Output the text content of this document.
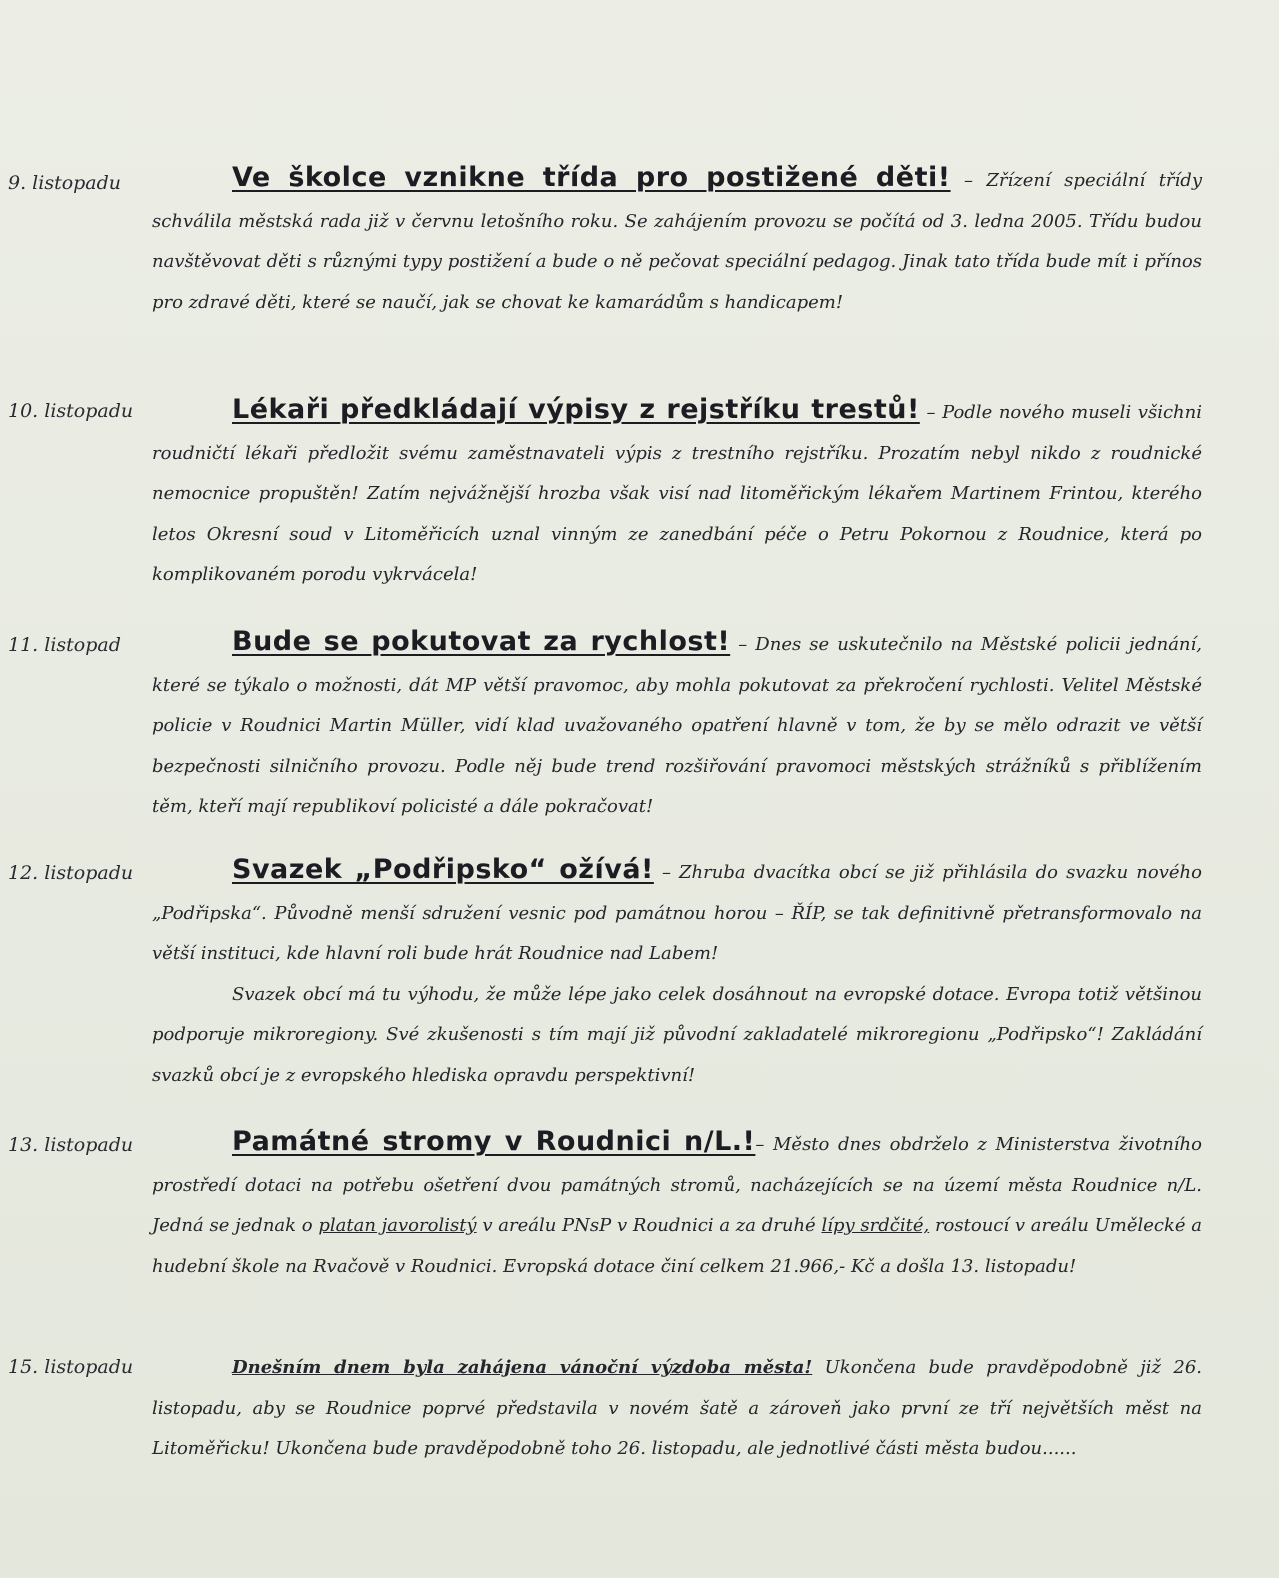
9. listopadu	Ve školce vznikne třída pro postižené děti! – Zřízení speciální třídy schválila městská rada již v červnu letošního roku. Se zahájením provozu se počítá od 3. ledna 2005. Třídu budou navštěvovat děti s různými typy postižení a bude o ně pečovat speciální pedagog. Jinak tato třída bude mít i přínos pro zdravé děti, které se naučí, jak se chovat ke kamarádům s handicapem!
10. listopadu	Lékaři předkládají výpisy z rejstříku trestů! – Podle nového museli všichni roudničtí lékaři předložit svému zaměstnavateli výpis z trestního rejstříku. Prozatím nebyl nikdo z roudnické nemocnice propuštěn! Zatím nejvážnější hrozba však visí nad litoměřickým lékařem Martinem Frintou, kterého letos Okresní soud v Litoměřicích uznal vinným ze zanedbání péče o Petru Pokornou z Roudnice, která po komplikovaném porodu vykrvácela!
11. listopad	Bude se pokutovat za rychlost! – Dnes se uskutečnilo na Městské policii jednání, které se týkalo o možnosti, dát MP větší pravomoc, aby mohla pokutovat za překročení rychlosti. Velitel Městské policie v Roudnici Martin Müller, vidí klad uvažovaného opatření hlavně v tom, že by se mělo odrazit ve větší bezpečnosti silničního provozu. Podle něj bude trend rozšiřování pravomoci městských strážníků s přiblížením těm, kteří mají republikoví policisté a dále pokračovat!
12. listopadu	Svazek „Podřipsko“ ožívá! – Zhruba dvacítka obcí se již přihlásila do svazku nového „Podřipska“. Původně menší sdružení vesnic pod památnou horou – ŘÍP, se tak definitivně přetransformovalo na větší instituci, kde hlavní roli bude hrát Roudnice nad Labem!
Svazek obcí má tu výhodu, že může lépe jako celek dosáhnout na evropské dotace. Evropa totiž většinou podporuje mikroregiony. Své zkušenosti s tím mají již původní zakladatelé mikroregionu „Podřipsko“! Zakládání svazků obcí je z evropského hlediska opravdu perspektivní!
13. listopadu	Památné stromy v Roudnici n/L.!– Město dnes obdrželo z Ministerstva životního prostředí dotaci na potřebu ošetření dvou památných stromů, nacházejících se na území města Roudnice n/L. Jedná se jednak o platan javorolistý v areálu PNsP v Roudnici a za druhé lípy srdčité, rostoucí v areálu Umělecké a hudební škole na Rvačově v Roudnici. Evropská dotace činí celkem 21.966,- Kč a došla 13. listopadu!
15. listopadu	Dnešním dnem byla zahájena vánoční výzdoba města! Ukončena bude pravděpodobně již 26. listopadu, aby se Roudnice poprvé představila v novém šatě a zároveň jako první ze tří největších měst na Litoměřicku! Ukončena bude pravděpodobně toho 26. listopadu, ale jednotlivé části města budou......
